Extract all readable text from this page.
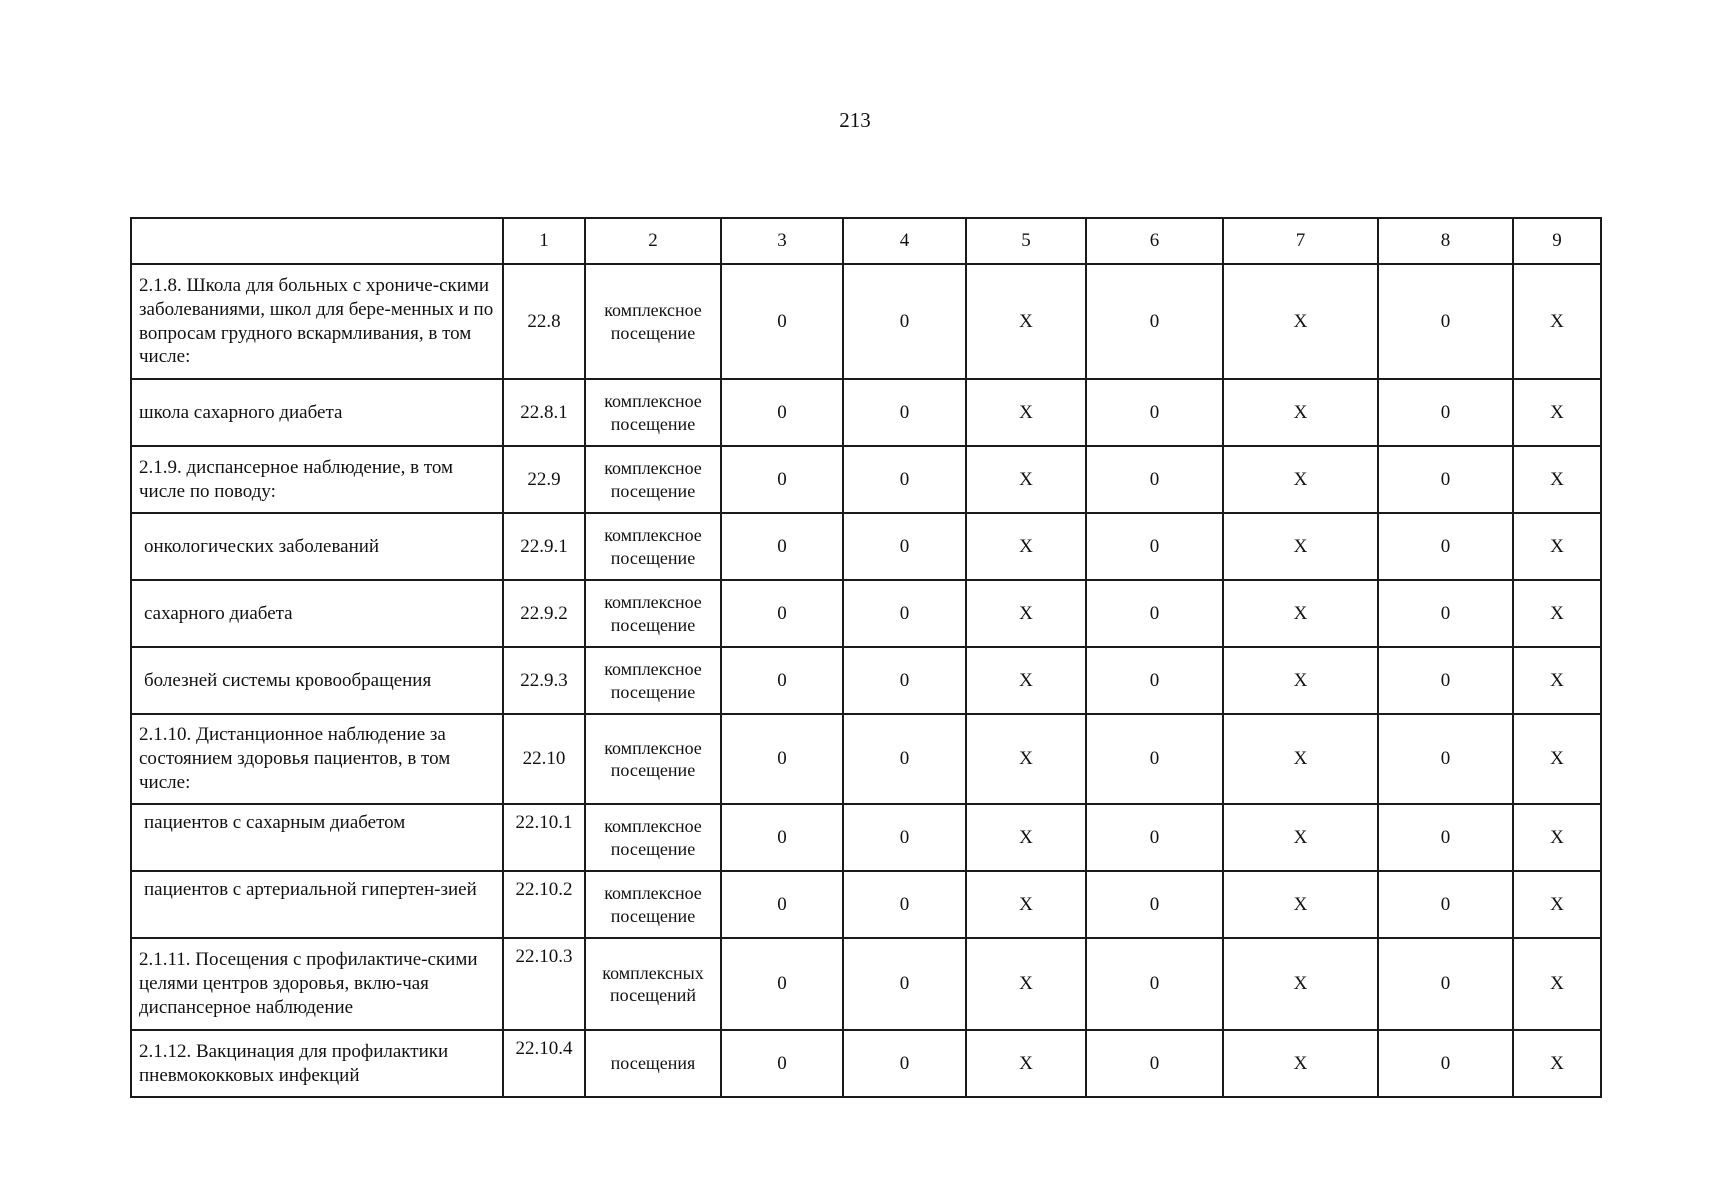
213
	1	2	3	4	5	6	7	8	9
2.1.8. Школа для больных с хрониче-скими заболеваниями, школ для бере-менных и по вопросам грудного вскармливания, в том числе:	22.8	комплексное посещение	0	0	X	0	X	0	X
школа сахарного диабета	22.8.1	комплексное посещение	0	0	X	0	X	0	X
2.1.9. диспансерное наблюдение, в том числе по поводу:	22.9	комплексное посещение	0	0	X	0	X	0	X
онкологических заболеваний	22.9.1	комплексное посещение	0	0	X	0	X	0	X
сахарного диабета	22.9.2	комплексное посещение	0	0	X	0	X	0	X
болезней системы кровообращения	22.9.3	комплексное посещение	0	0	X	0	X	0	X
2.1.10. Дистанционное наблюдение за состоянием здоровья пациентов, в том числе:	22.10	комплексное посещение	0	0	X	0	X	0	X
пациентов с сахарным диабетом	22.10.1	комплексное посещение	0	0	X	0	X	0	X
пациентов с артериальной гипертен-зией	22.10.2	комплексное посещение	0	0	X	0	X	0	X
2.1.11. Посещения с профилактиче-скими целями центров здоровья, вклю-чая диспансерное наблюдение	22.10.3	комплексных посещений	0	0	X	0	X	0	X
2.1.12. Вакцинация для профилактики пневмококковых инфекций	22.10.4	посещения	0	0	X	0	X	0	X
